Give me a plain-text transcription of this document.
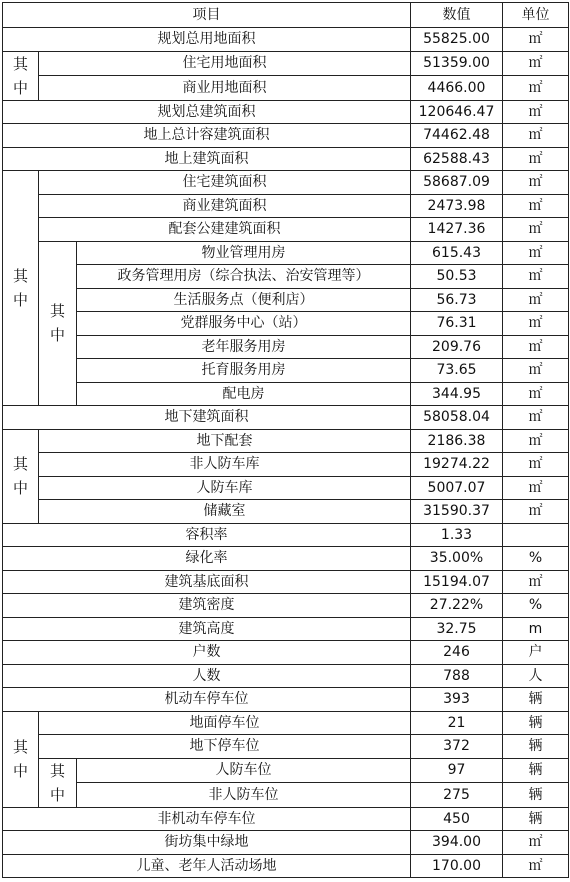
项目			数值	单位
规划总用地面积			55825.00	㎡

其
中	住宅用地面积		51359.00	㎡
	商业用地面积		4466.00	㎡
规划总建筑面积			120646.47	㎡
地上总计容建筑面积			74462.48	㎡
地上建筑面积			62588.43	㎡

其
中	住宅建筑面积		58687.09	㎡
	商业建筑面积		2473.98	㎡
	配套公建建筑面积		1427.36	㎡

	其
中	物业管理用房	615.43	㎡
		政务管理用房（综合执法、治安管理等）	50.53	㎡
		生活服务点（便利店）	56.73	㎡
		党群服务中心（站）	76.31	㎡
		老年服务用房	209.76	㎡
		托育服务用房	73.65	㎡
		配电房	344.95	㎡
地下建筑面积			58058.04	㎡

其
中	地下配套		2186.38	㎡
	非人防车库		19274.22	㎡
	人防车库		5007.07	㎡
	储藏室		31590.37	㎡
容积率			1.33	
绿化率			35.00%	%
建筑基底面积			15194.07	㎡
建筑密度			27.22%	%
建筑高度			32.75	m
户数			246	户
人数			788	人
机动车停车位			393	辆

其
中	地面停车位		21	辆
	地下停车位		372	辆

	其
中	人防车位	97	辆
		非人防车位	275	辆
非机动车停车位			450	辆
街坊集中绿地			394.00	㎡
儿童、老年人活动场地			170.00	㎡
